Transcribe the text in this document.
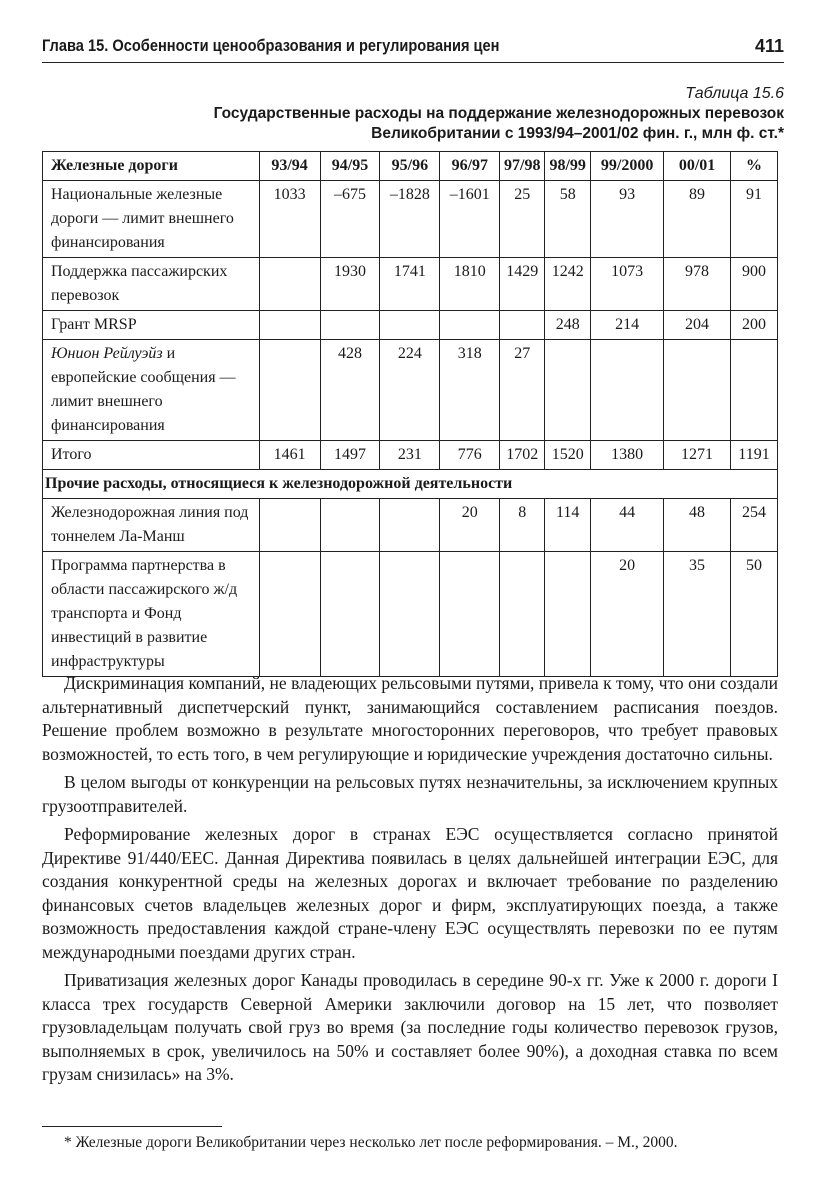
Глава 15. Особенности ценообразования и регулирования цен	411
Таблица 15.6
Государственные расходы на поддержание железнодорожных перевозок
Великобритании с 1993/94–2001/02 фин. г., млн ф. ст.*
Железные дороги	93/94	94/95	95/96	96/97	97/98	98/99	99/2000	00/01	%
Национальные железные дороги — лимит внешнего финансирования	1033	–675	–1828	–1601	25	58	93	89	91
Поддержка пассажирских перевозок		1930	1741	1810	1429	1242	1073	978	900
Грант MRSP						248	214	204	200
Юнион Рейлуэйз и европейские сообщения — лимит внешнего финансирования		428	224	318	27				
Итого	1461	1497	231	776	1702	1520	1380	1271	1191
Прочие расходы, относящиеся к железнодорожной деятельности									
Железнодорожная линия под тоннелем Ла-Манш				20	8	114	44	48	254
Программа партнерства в области пассажирского ж/д транспорта и Фонд инвестиций в развитие инфраструктуры							20	35	50

Дискриминация компаний, не владеющих рельсовыми путями, привела к тому, что они создали альтернативный диспетчерский пункт, занимающийся составлением расписания поездов. Решение проблем возможно в результате многосторонних переговоров, что требует правовых возможностей, то есть того, в чем регулирующие и юридические учреждения достаточно сильны.

В целом выгоды от конкуренции на рельсовых путях незначительны, за исключением крупных грузоотправителей.

Реформирование железных дорог в странах ЕЭС осуществляется согласно принятой Директиве 91/440/ЕЕС. Данная Директива появилась в целях дальнейшей интеграции ЕЭС, для создания конкурентной среды на железных дорогах и включает требование по разделению финансовых счетов владельцев железных дорог и фирм, эксплуатирующих поезда, а также возможность предоставления каждой стране-члену ЕЭС осуществлять перевозки по ее путям международными поездами других стран.

Приватизация железных дорог Канады проводилась в середине 90-х гг. Уже к 2000 г. дороги I класса трех государств Северной Америки заключили договор на 15 лет, что позволяет грузовладельцам получать свой груз во время (за последние годы количество перевозок грузов, выполняемых в срок, увеличилось на 50% и составляет более 90%), а доходная ставка по всем грузам снизилась» на 3%.

* Железные дороги Великобритании через несколько лет после реформирования. – М., 2000.
